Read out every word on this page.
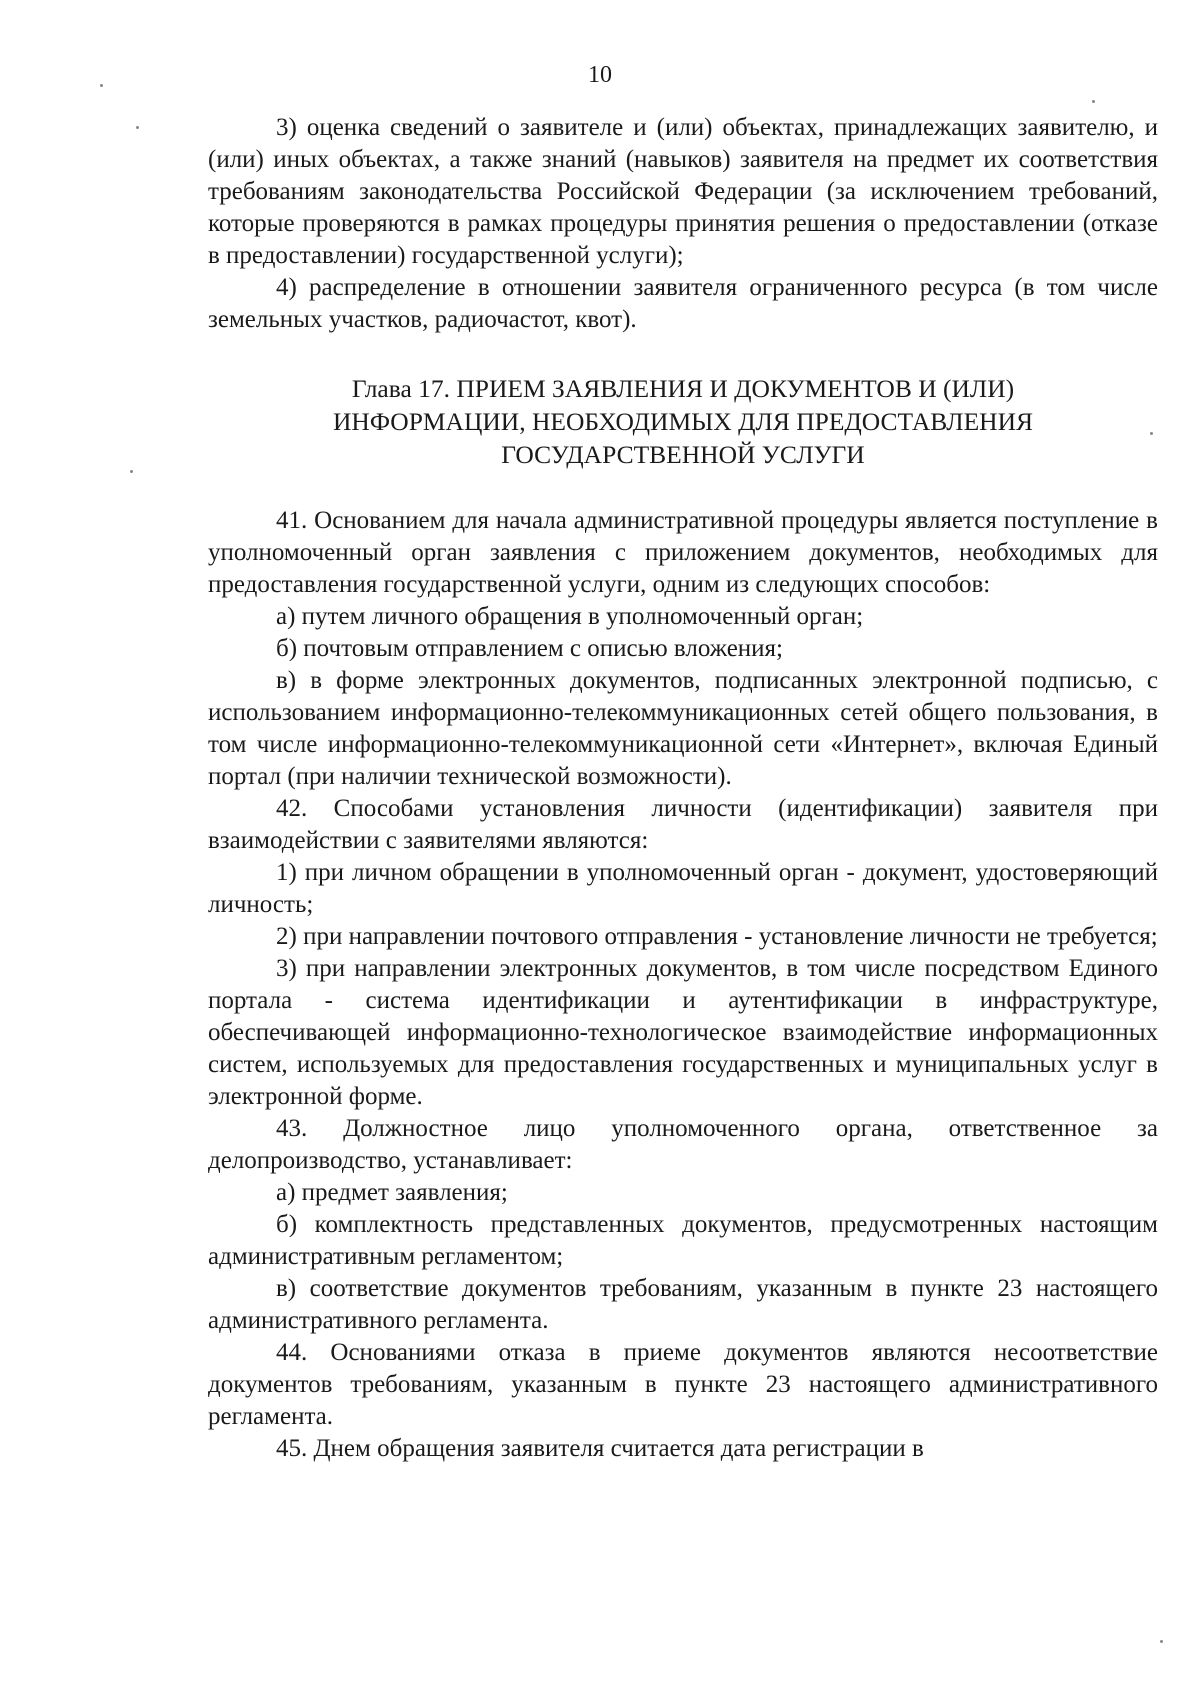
10

3) оценка сведений о заявителе и (или) объектах, принадлежащих заявителю, и (или) иных объектах, а также знаний (навыков) заявителя на предмет их соответствия требованиям законодательства Российской Федерации (за исключением требований, которые проверяются в рамках процедуры принятия решения о предоставлении (отказе в предоставлении) государственной услуги);

4) распределение в отношении заявителя ограниченного ресурса (в том числе земельных участков, радиочастот, квот).

Глава 17. ПРИЕМ ЗАЯВЛЕНИЯ И ДОКУМЕНТОВ И (ИЛИ)
ИНФОРМАЦИИ, НЕОБХОДИМЫХ ДЛЯ ПРЕДОСТАВЛЕНИЯ
ГОСУДАРСТВЕННОЙ УСЛУГИ

41. Основанием для начала административной процедуры является поступление в уполномоченный орган заявления с приложением документов, необходимых для предоставления государственной услуги, одним из следующих способов:

а) путем личного обращения в уполномоченный орган;

б) почтовым отправлением с описью вложения;

в) в форме электронных документов, подписанных электронной подписью, с использованием информационно-телекоммуникационных сетей общего пользования, в том числе информационно-телекоммуникационной сети «Интернет», включая Единый портал (при наличии технической возможности).

42. Способами установления личности (идентификации) заявителя при взаимодействии с заявителями являются:

1) при личном обращении в уполномоченный орган - документ, удостоверяющий личность;

2) при направлении почтового отправления - установление личности не требуется;

3) при направлении электронных документов, в том числе посредством Единого портала - система идентификации и аутентификации в инфраструктуре, обеспечивающей информационно-технологическое взаимодействие информационных систем, используемых для предоставления государственных и муниципальных услуг в электронной форме.

43. Должностное лицо уполномоченного органа, ответственное за делопроизводство, устанавливает:

а) предмет заявления;

б) комплектность представленных документов, предусмотренных настоящим административным регламентом;

в) соответствие документов требованиям, указанным в пункте 23 настоящего административного регламента.

44. Основаниями отказа в приеме документов являются несоответствие документов требованиям, указанным в пункте 23 настоящего административного регламента.

45. Днем обращения заявителя считается дата регистрации в
